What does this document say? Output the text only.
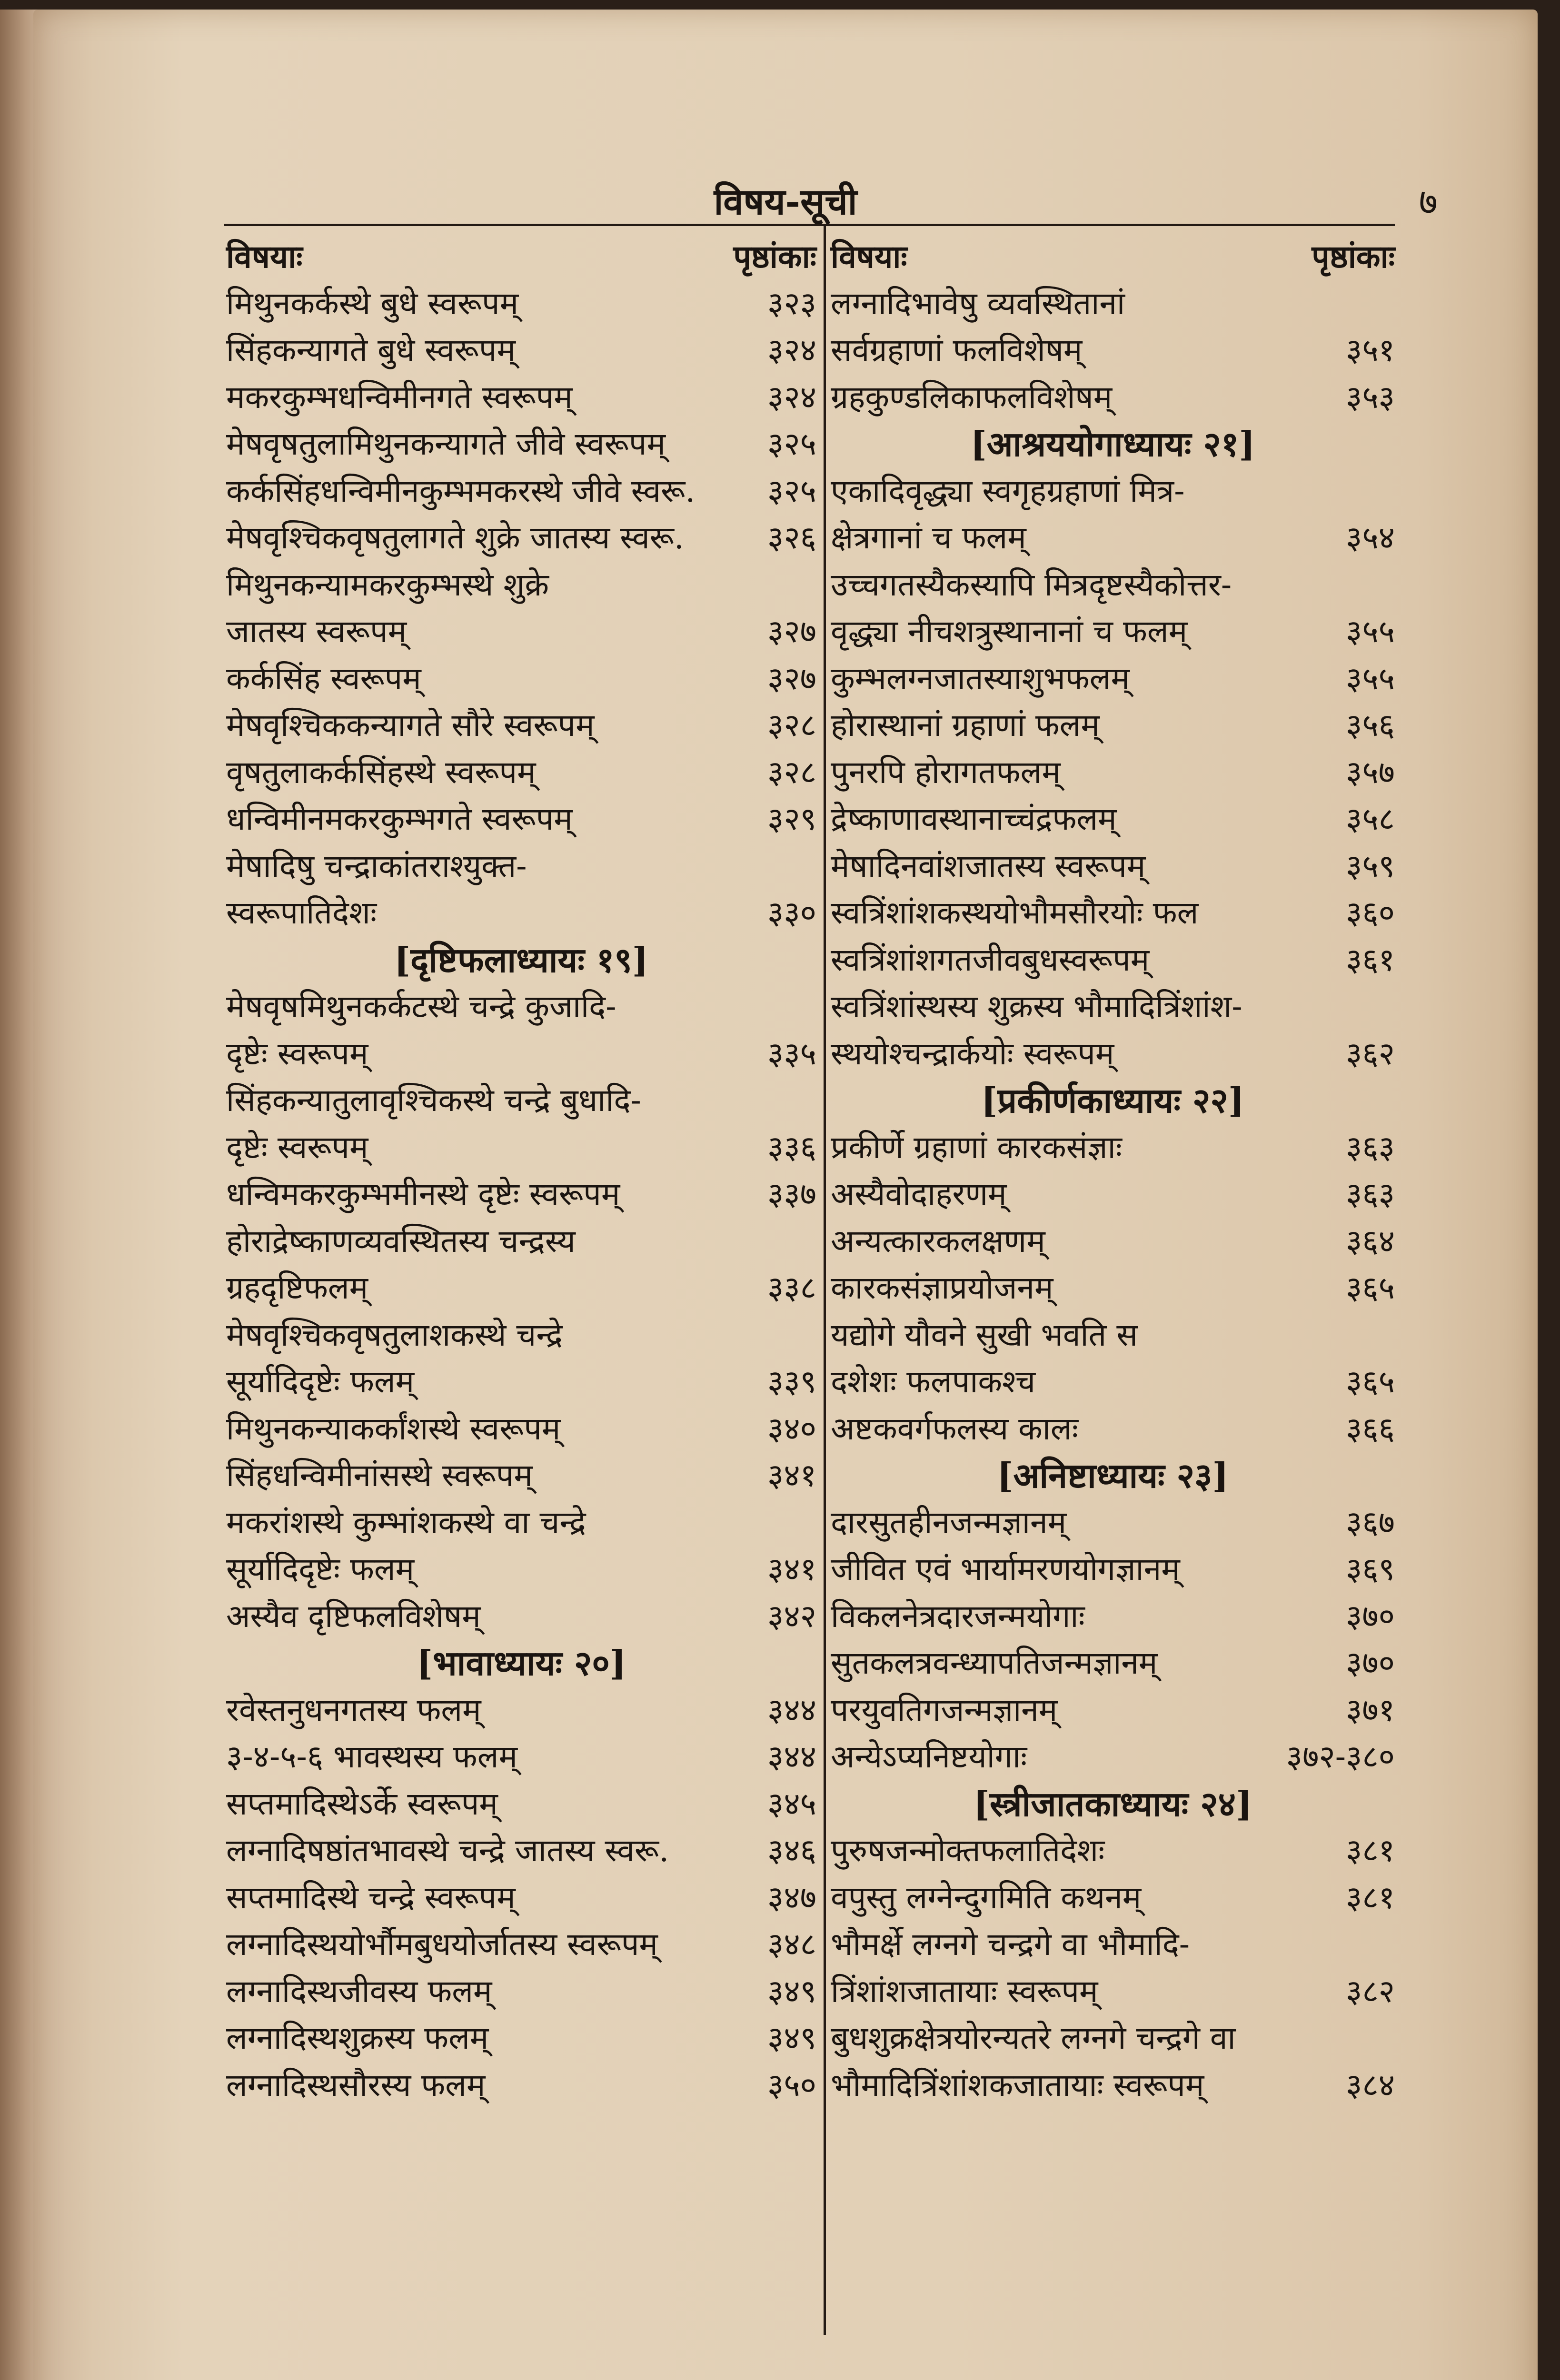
विषय-सूची	७
विषयाः	पृष्ठांकाः
मिथुनकर्कस्थे बुधे स्वरूपम्	३२३
सिंहकन्यागते बुधे स्वरूपम्	३२४
मकरकुम्भधन्विमीनगते स्वरूपम्	३२४
मेषवृषतुलामिथुनकन्यागते जीवे स्वरूपम्	३२५
कर्कसिंहधन्विमीनकुम्भमकरस्थे जीवे स्वरू. ३२५
मेषवृश्चिकवृषतुलागते शुक्रे जातस्य स्वरू.	३२६
मिथुनकन्यामकरकुम्भस्थे शुक्रे
जातस्य स्वरूपम्	३२७
कर्कसिंह स्वरूपम्	३२७
मेषवृश्चिककन्यागते सौरे स्वरूपम्	३२८
वृषतुलाकर्कसिंहस्थे स्वरूपम्	३२८
धन्विमीनमकरकुम्भगते स्वरूपम्	३२९
मेषादिषु चन्द्राकांतराश्युक्त-
स्वरूपातिदेशः	३३०
[दृष्टिफलाध्यायः १९]
मेषवृषमिथुनकर्कटस्थे चन्द्रे कुजादि-
दृष्टेः स्वरूपम्	३३५
सिंहकन्यातुलावृश्चिकस्थे चन्द्रे बुधादि-
दृष्टेः स्वरूपम्	३३६
धन्विमकरकुम्भमीनस्थे दृष्टेः स्वरूपम्	३३७
होराद्रेष्काणव्यवस्थितस्य चन्द्रस्य
ग्रहदृष्टिफलम्	३३८
मेषवृश्चिकवृषतुलाशकस्थे चन्द्रे
सूर्यादिदृष्टेः फलम्	३३९
मिथुनकन्याकर्कांशस्थे स्वरूपम्	३४०
सिंहधन्विमीनांसस्थे स्वरूपम्	३४१
मकरांशस्थे कुम्भांशकस्थे वा चन्द्रे
सूर्यादिदृष्टेः फलम्	३४१
अस्यैव दृष्टिफलविशेषम्	३४२
[भावाध्यायः २०]
रवेस्तनुधनगतस्य फलम्	३४४
३-४-५-६ भावस्थस्य फलम्	३४४
सप्तमादिस्थेऽर्के स्वरूपम्	३४५
लग्नादिषष्ठांतभावस्थे चन्द्रे जातस्य स्वरू.	३४६
सप्तमादिस्थे चन्द्रे स्वरूपम्	३४७
लग्नादिस्थयोर्भौमबुधयोर्जातस्य स्वरूपम्	३४८
लग्नादिस्थजीवस्य फलम्	३४९
लग्नादिस्थशुक्रस्य फलम्	३४९
लग्नादिस्थसौरस्य फलम्	३५०
विषयाः	पृष्ठांकाः
लग्नादिभावेषु व्यवस्थितानां
सर्वग्रहाणां फलविशेषम्	३५१
ग्रहकुण्डलिकाफलविशेषम्	३५३
[आश्रययोगाध्यायः २१]
एकादिवृद्ध्या स्वगृहग्रहाणां मित्र-
क्षेत्रगानां च फलम्	३५४
उच्चगतस्यैकस्यापि मित्रदृष्टस्यैकोत्तर-
वृद्ध्या नीचशत्रुस्थानानां च फलम्	३५५
कुम्भलग्नजातस्याशुभफलम्	३५५
होरास्थानां ग्रहाणां फलम्	३५६
पुनरपि होरागतफलम्	३५७
द्रेष्काणावस्थानाच्चंद्रफलम्	३५८
मेषादिनवांशजातस्य स्वरूपम्	३५९
स्वत्रिंशांशकस्थयोभौमसौरयोः फल	३६०
स्वत्रिंशांशगतजीवबुधस्वरूपम्	३६१
स्वत्रिंशांस्थस्य शुक्रस्य भौमादित्रिंशांश-
स्थयोश्चन्द्रार्कयोः स्वरूपम्	३६२
[प्रकीर्णकाध्यायः २२]
प्रकीर्णे ग्रहाणां कारकसंज्ञाः	३६३
अस्यैवोदाहरणम्	३६३
अन्यत्कारकलक्षणम्	३६४
कारकसंज्ञाप्रयोजनम्	३६५
यद्योगे यौवने सुखी भवति स
दशेशः फलपाकश्च	३६५
अष्टकवर्गफलस्य कालः	३६६
[अनिष्टाध्यायः २३]
दारसुतहीनजन्मज्ञानम्	३६७
जीवित एवं भार्यामरणयोगज्ञानम्	३६९
विकलनेत्रदारजन्मयोगाः	३७०
सुतकलत्रवन्ध्यापतिजन्मज्ञानम्	३७०
परयुवतिगजन्मज्ञानम्	३७१
अन्येऽप्यनिष्टयोगाः	३७२-३८०
[स्त्रीजातकाध्यायः २४]
पुरुषजन्मोक्तफलातिदेशः	३८१
वपुस्तु लग्नेन्दुगमिति कथनम्	३८१
भौमर्क्षे लग्नगे चन्द्रगे वा भौमादि-
त्रिंशांशजातायाः स्वरूपम्	३८२
बुधशुक्रक्षेत्रयोरन्यतरे लग्नगे चन्द्रगे वा
भौमादित्रिंशांशकजातायाः स्वरूपम्	३८४
